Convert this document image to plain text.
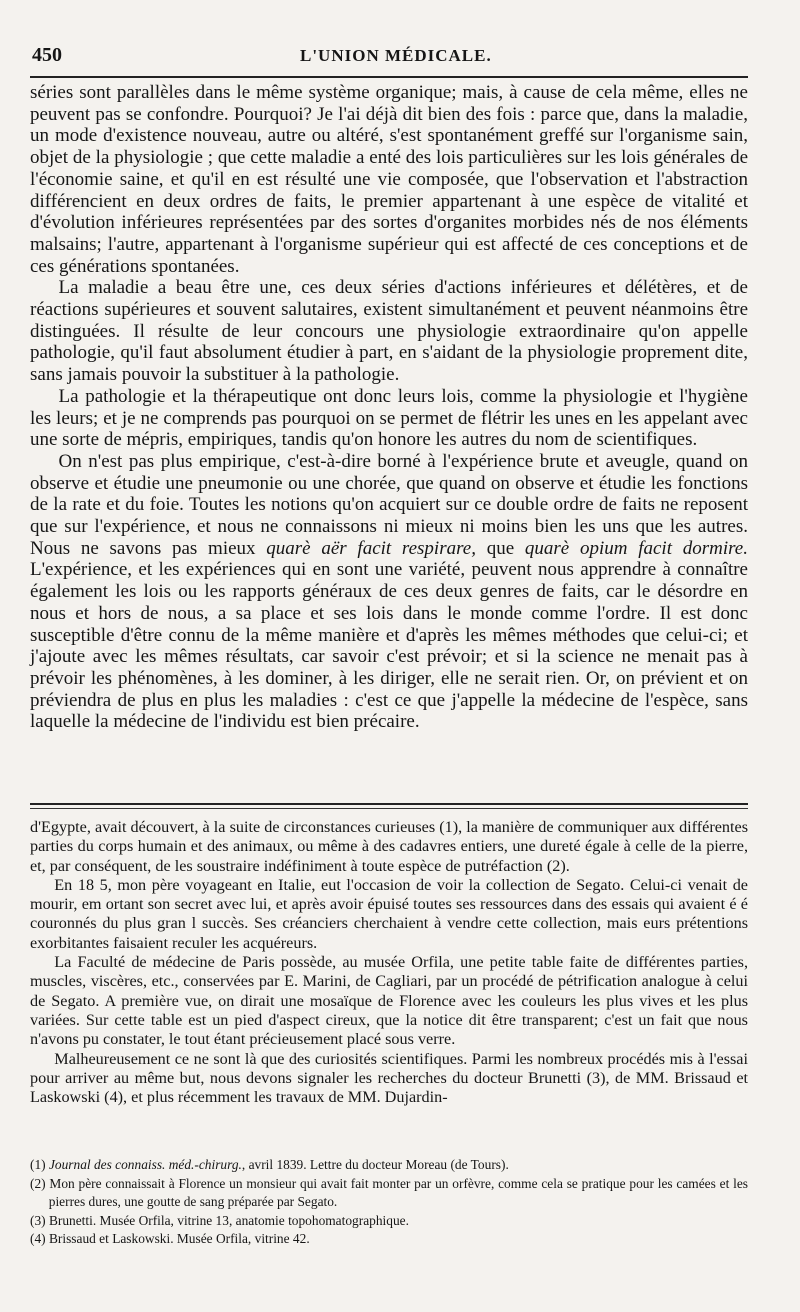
450	L'UNION MÉDICALE.

séries sont parallèles dans le même système organique; mais, à cause de cela même, elles ne peuvent pas se confondre. Pourquoi? Je l'ai déjà dit bien des fois : parce que, dans la maladie, un mode d'existence nouveau, autre ou altéré, s'est spontanément greffé sur l'organisme sain, objet de la physiologie ; que cette maladie a enté des lois particulières sur les lois générales de l'économie saine, et qu'il en est résulté une vie composée, que l'observation et l'abstraction différencient en deux ordres de faits, le premier appartenant à une espèce de vitalité et d'évolution inférieures représentées par des sortes d'organites morbides nés de nos éléments malsains; l'autre, appartenant à l'organisme supérieur qui est affecté de ces conceptions et de ces générations spontanées.

La maladie a beau être une, ces deux séries d'actions inférieures et délétères, et de réactions supérieures et souvent salutaires, existent simultanément et peuvent néanmoins être distinguées. Il résulte de leur concours une physiologie extraordinaire qu'on appelle pathologie, qu'il faut absolument étudier à part, en s'aidant de la physiologie proprement dite, sans jamais pouvoir la substituer à la pathologie.

La pathologie et la thérapeutique ont donc leurs lois, comme la physiologie et l'hygiène les leurs; et je ne comprends pas pourquoi on se permet de flétrir les unes en les appelant avec une sorte de mépris, empiriques, tandis qu'on honore les autres du nom de scientifiques.

On n'est pas plus empirique, c'est-à-dire borné à l'expérience brute et aveugle, quand on observe et étudie une pneumonie ou une chorée, que quand on observe et étudie les fonctions de la rate et du foie. Toutes les notions qu'on acquiert sur ce double ordre de faits ne reposent que sur l'expérience, et nous ne connaissons ni mieux ni moins bien les uns que les autres. Nous ne savons pas mieux quarè aër facit respirare, que quarè opium facit dormire. L'expérience, et les expériences qui en sont une variété, peuvent nous apprendre à connaître également les lois ou les rapports généraux de ces deux genres de faits, car le désordre en nous et hors de nous, a sa place et ses lois dans le monde comme l'ordre. Il est donc susceptible d'être connu de la même manière et d'après les mêmes méthodes que celui-ci; et j'ajoute avec les mêmes résultats, car savoir c'est prévoir; et si la science ne menait pas à prévoir les phénomènes, à les dominer, à les diriger, elle ne serait rien. Or, on prévient et on préviendra de plus en plus les maladies : c'est ce que j'appelle la médecine de l'espèce, sans laquelle la médecine de l'individu est bien précaire.

d'Egypte, avait découvert, à la suite de circonstances curieuses (1), la manière de communiquer aux différentes parties du corps humain et des animaux, ou même à des cadavres entiers, une dureté égale à celle de la pierre, et, par conséquent, de les soustraire indéfiniment à toute espèce de putréfaction (2).

En 18 5, mon père voyageant en Italie, eut l'occasion de voir la collection de Segato. Celui-ci venait de mourir, em ortant son secret avec lui, et après avoir épuisé toutes ses ressources dans des essais qui avaient é é couronnés du plus gran l succès. Ses créanciers cherchaient à vendre cette collection, mais eurs prétentions exorbitantes faisaient reculer les acquéreurs.

La Faculté de médecine de Paris possède, au musée Orfila, une petite table faite de différentes parties, muscles, viscères, etc., conservées par E. Marini, de Cagliari, par un procédé de pétrification analogue à celui de Segato. A première vue, on dirait une mosaïque de Florence avec les couleurs les plus vives et les plus variées. Sur cette table est un pied d'aspect cireux, que la notice dit être transparent; c'est un fait que nous n'avons pu constater, le tout étant précieusement placé sous verre.

Malheureusement ce ne sont là que des curiosités scientifiques. Parmi les nombreux procédés mis à l'essai pour arriver au même but, nous devons signaler les recherches du docteur Brunetti (3), de MM. Brissaud et Laskowski (4), et plus récemment les travaux de MM. Dujardin-

(1) Journal des connaiss. méd.-chirurg., avril 1839. Lettre du docteur Moreau (de Tours).

(2) Mon père connaissait à Florence un monsieur qui avait fait monter par un orfèvre, comme cela se pratique pour les camées et les pierres dures, une goutte de sang préparée par Segato.

(3) Brunetti. Musée Orfila, vitrine 13, anatomie topohomatographique.

(4) Brissaud et Laskowski. Musée Orfila, vitrine 42.
